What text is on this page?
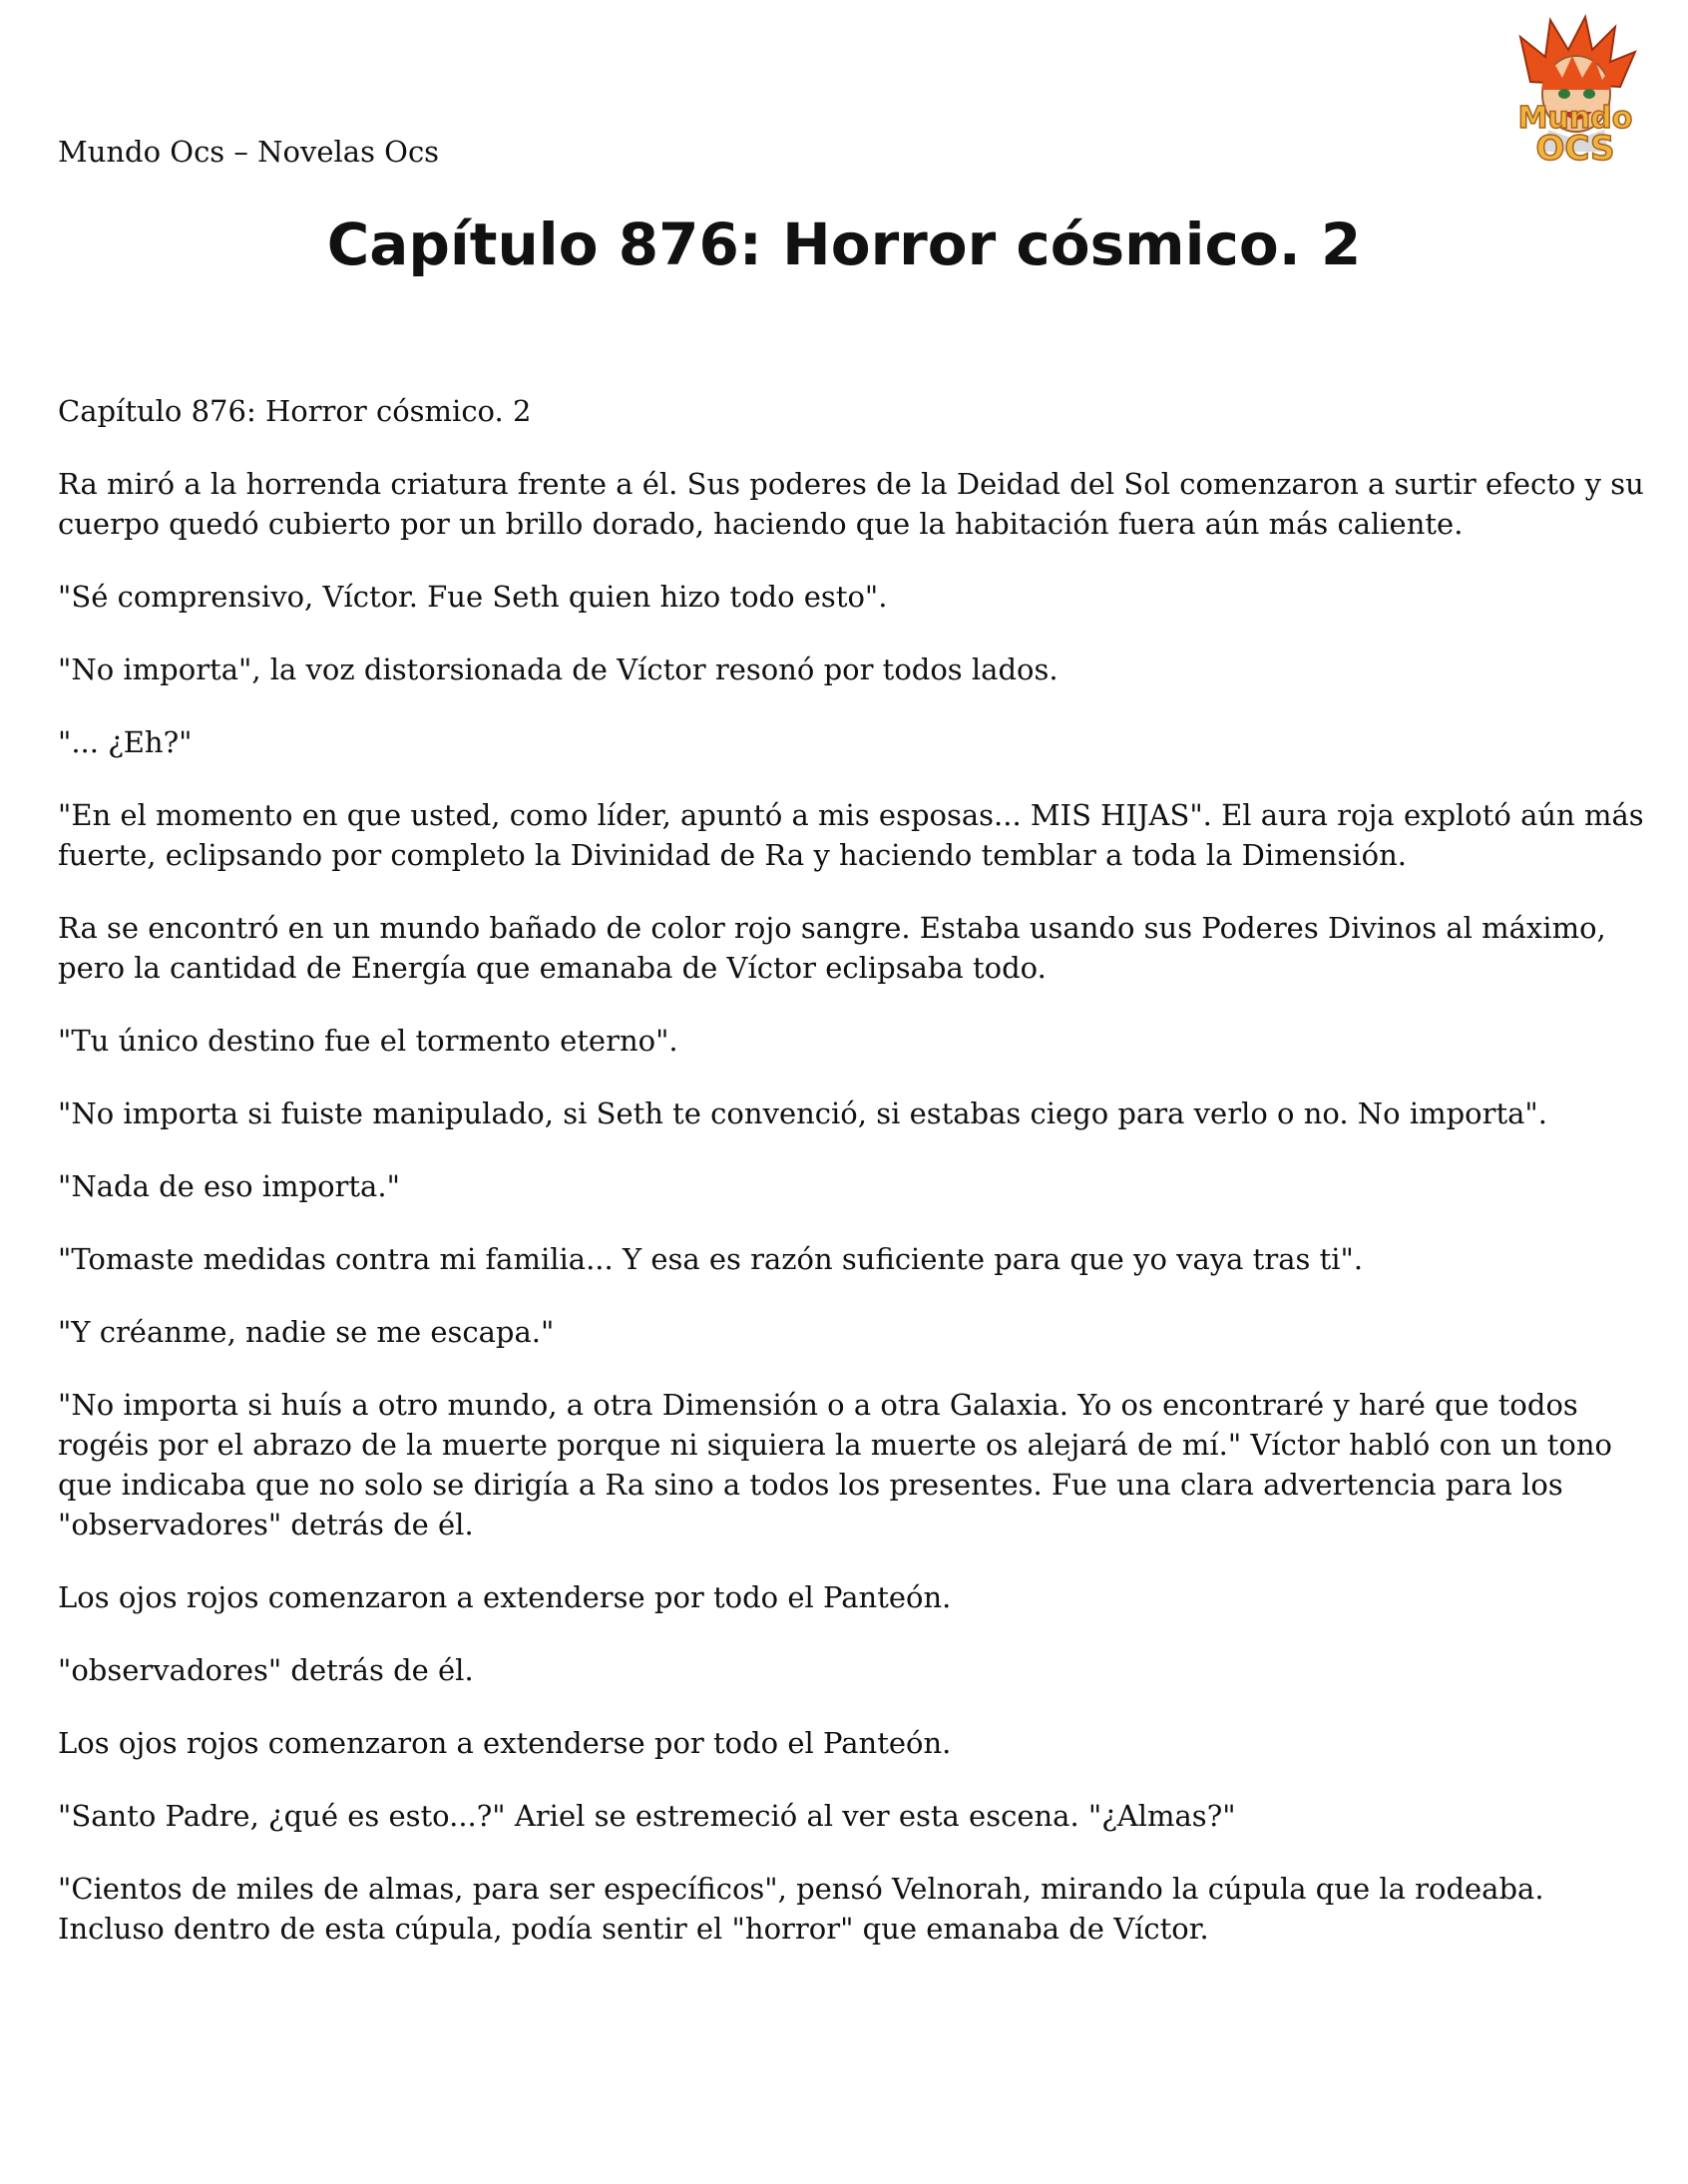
Mundo Ocs – Novelas Ocs

Mundo
OCS
Capítulo 876: Horror cósmico. 2

Capítulo 876: Horror cósmico. 2

Ra miró a la horrenda criatura frente a él. Sus poderes de la Deidad del Sol comenzaron a surtir efecto y su cuerpo quedó cubierto por un brillo dorado, haciendo que la habitación fuera aún más caliente.

"Sé comprensivo, Víctor. Fue Seth quien hizo todo esto".

"No importa", la voz distorsionada de Víctor resonó por todos lados.

"... ¿Eh?"

"En el momento en que usted, como líder, apuntó a mis esposas... MIS HIJAS". El aura roja explotó aún más fuerte, eclipsando por completo la Divinidad de Ra y haciendo temblar a toda la Dimensión.

Ra se encontró en un mundo bañado de color rojo sangre. Estaba usando sus Poderes Divinos al máximo, pero la cantidad de Energía que emanaba de Víctor eclipsaba todo.

"Tu único destino fue el tormento eterno".

"No importa si fuiste manipulado, si Seth te convenció, si estabas ciego para verlo o no. No importa".

"Nada de eso importa."

"Tomaste medidas contra mi familia... Y esa es razón suficiente para que yo vaya tras ti".

"Y créanme, nadie se me escapa."

"No importa si huís a otro mundo, a otra Dimensión o a otra Galaxia. Yo os encontraré y haré que todos rogéis por el abrazo de la muerte porque ni siquiera la muerte os alejará de mí." Víctor habló con un tono que indicaba que no solo se dirigía a Ra sino a todos los presentes. Fue una clara advertencia para los "observadores" detrás de él.

Los ojos rojos comenzaron a extenderse por todo el Panteón.

"observadores" detrás de él.

Los ojos rojos comenzaron a extenderse por todo el Panteón.

"Santo Padre, ¿qué es esto...?" Ariel se estremeció al ver esta escena. "¿Almas?"

"Cientos de miles de almas, para ser específicos", pensó Velnorah, mirando la cúpula que la rodeaba. Incluso dentro de esta cúpula, podía sentir el "horror" que emanaba de Víctor.
